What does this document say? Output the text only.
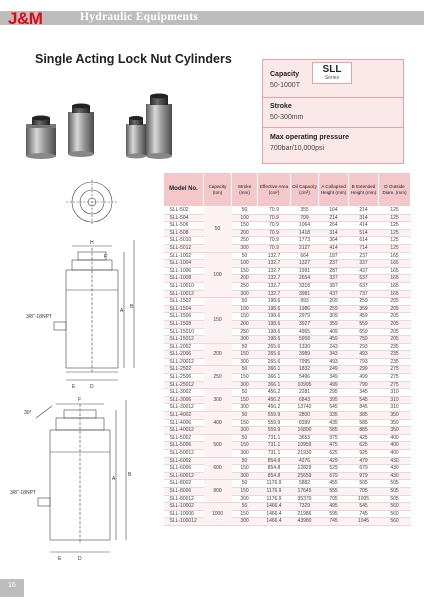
J&M	Hydraulic Equipments
Single Acting Lock Nut Cylinders
Capacity
50-1000T
Stroke
50-300mm
Max operating pressure
700bar/10,000psi
SLL
Series
H
F
A
B
E	D
F
A
B
E	D
30°
3/8"-18NPT
3/8"-18NPT
Model No.	Capacity (ton)	Stroke (mm)	Effective Area (cm²)	Oil Capacity (cm³)	A Collapsed Height (mm)	B Extended Height (mm)	D Outside Diam. (mm)
SLL-502	50	50	70.9	355	164	214	125
SLL-504		100	70.9	709	214	314	125
SLL-506		150	70.9	1064	264	414	125
SLL-508		200	70.9	1418	314	514	125
SLL-5010		250	70.9	1773	364	614	125
SLL-5012		300	70.9	2127	414	714	125
SLL-1002	100	50	132.7	664	187	237	165
SLL-1004		100	132.7	1327	237	337	165
SLL-1006		150	132.7	1991	287	437	165
SLL-1008		200	132.7	2654	337	537	165
SLL-10010		250	132.7	3318	387	637	165
SLL-10012		300	132.7	3981	437	737	165
SLL-1502	150	50	198.6	993	209	259	205
SLL-1504		100	198.6	1986	259	359	205
SLL-1506		150	198.6	2979	309	459	205
SLL-1508		200	198.6	3927	359	559	205
SLL-15010		250	198.6	4965	409	659	205
SLL-15012		300	198.6	5958	459	759	205
SLL-2002	200	50	265.6	1330	243	293	235
SLL-2006		150	265.6	3989	343	493	235
SLL-20012		300	265.6	7995	493	793	235
SLL-2502	250	50	366.1	1832	249	299	275
SLL-2506		150	366.1	5496	349	499	275
SLL-25012		300	366.1	10995	499	799	275
SLL-3002	300	50	456.2	2281	295	345	310
SLL-3006		150	456.2	6843	395	545	310
SLL-30012		300	456.2	13740	545	845	310
SLL-4002	400	50	559.9	2800	335	385	350
SLL-4006		150	559.9	8399	435	585	350
SLL-40012		300	559.9	16800	585	885	350
SLL-5002	500	50	731.1	3653	375	425	400
SLL-5006		150	731.1	10959	475	625	400
SLL-50012		300	731.1	21930	625	925	400
SLL-6002	600	50	854.8	4276	429	479	430
SLL-6006		150	854.8	12829	529	679	430
SLL-60012		300	854.8	25659	679	979	430
SLL-8002	800	50	1176.9	5882	455	505	505
SLL-8006		150	1176.9	17645	555	705	505
SLL-80012		300	1176.9	35370	705	1005	505
SLL-10002	1000	50	1466.4	7329	495	545	560
SLL-10006		150	1466.4	21986	595	745	560
SLL-100012		300	1466.4	43980	745	1045	560
16
